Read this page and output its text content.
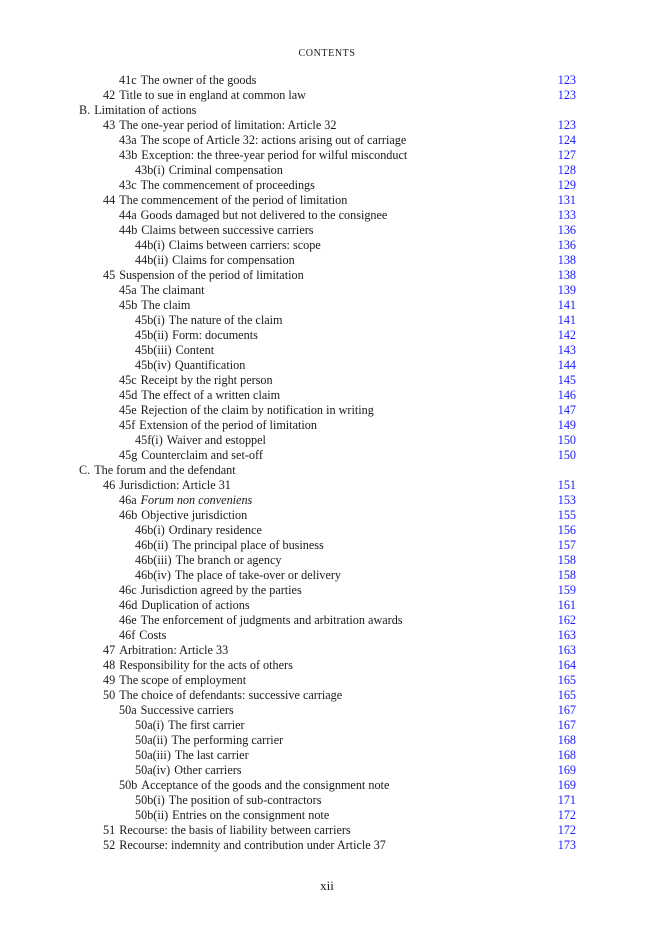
CONTENTS
41c The owner of the goods	123
42 Title to sue in england at common law	123
B. Limitation of actions
43 The one-year period of limitation: Article 32	123
43a The scope of Article 32: actions arising out of carriage	124
43b Exception: the three-year period for wilful misconduct	127
43b(i) Criminal compensation	128
43c The commencement of proceedings	129
44 The commencement of the period of limitation	131
44a Goods damaged but not delivered to the consignee	133
44b Claims between successive carriers	136
44b(i) Claims between carriers: scope	136
44b(ii) Claims for compensation	138
45 Suspension of the period of limitation	138
45a The claimant	139
45b The claim	141
45b(i) The nature of the claim	141
45b(ii) Form: documents	142
45b(iii) Content	143
45b(iv) Quantification	144
45c Receipt by the right person	145
45d The effect of a written claim	146
45e Rejection of the claim by notification in writing	147
45f Extension of the period of limitation	149
45f(i) Waiver and estoppel	150
45g Counterclaim and set-off	150
C. The forum and the defendant
46 Jurisdiction: Article 31	151
46a Forum non conveniens	153
46b Objective jurisdiction	155
46b(i) Ordinary residence	156
46b(ii) The principal place of business	157
46b(iii) The branch or agency	158
46b(iv) The place of take-over or delivery	158
46c Jurisdiction agreed by the parties	159
46d Duplication of actions	161
46e The enforcement of judgments and arbitration awards	162
46f Costs	163
47 Arbitration: Article 33	163
48 Responsibility for the acts of others	164
49 The scope of employment	165
50 The choice of defendants: successive carriage	165
50a Successive carriers	167
50a(i) The first carrier	167
50a(ii) The performing carrier	168
50a(iii) The last carrier	168
50a(iv) Other carriers	169
50b Acceptance of the goods and the consignment note	169
50b(i) The position of sub-contractors	171
50b(ii) Entries on the consignment note	172
51 Recourse: the basis of liability between carriers	172
52 Recourse: indemnity and contribution under Article 37	173
xii
